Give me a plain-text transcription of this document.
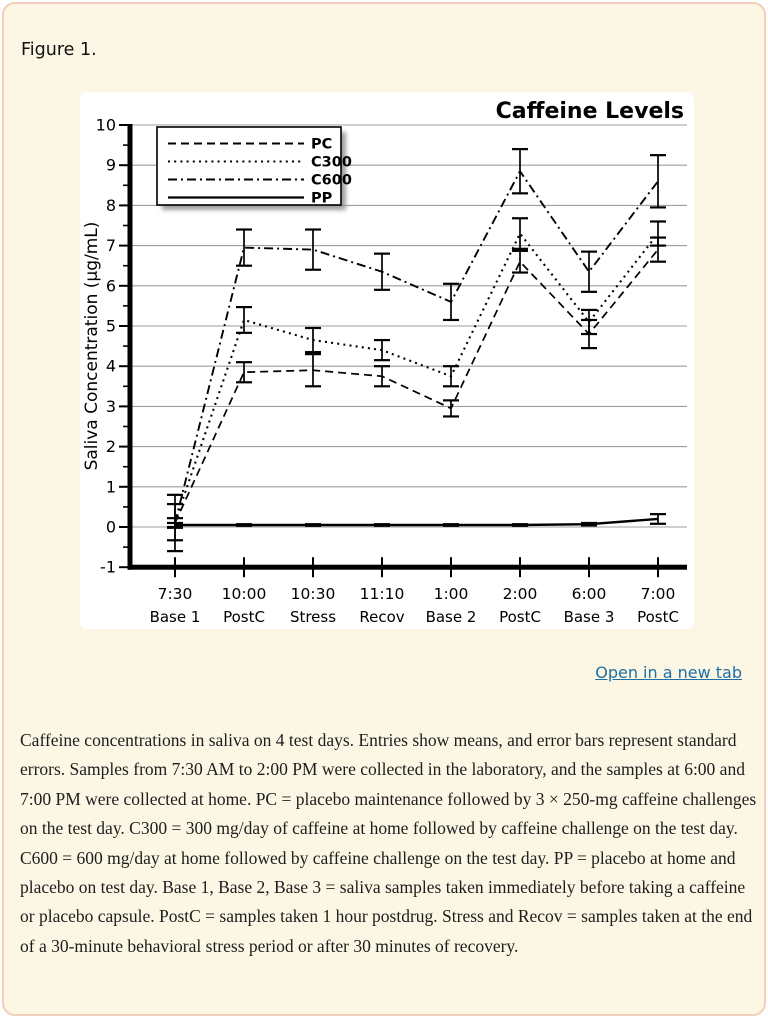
Figure 1.
Caffeine Levels
-1
0
1
2
3
4
5
6
7
8
9
10
7:30
Base 1
10:00
PostC
10:30
Stress
11:10
Recov
1:00
Base 2
2:00
PostC
6:00
Base 3
7:00
PostC
Saliva Concentration (µg/mL)
PC
C300
C600
PP
Open in a new tab
Caffeine concentrations in saliva on 4 test days. Entries show means, and error bars represent standard errors. Samples from 7:30 AM to 2:00 PM were collected in the laboratory, and the samples at 6:00 and 7:00 PM were collected at home. PC = placebo maintenance followed by 3 × 250-mg caffeine challenges on the test day. C300 = 300 mg/day of caffeine at home followed by caffeine challenge on the test day. C600 = 600 mg/day at home followed by caffeine challenge on the test day. PP = placebo at home and placebo on test day. Base 1, Base 2, Base 3 = saliva samples taken immediately before taking a caffeine or placebo capsule. PostC = samples taken 1 hour postdrug. Stress and Recov = samples taken at the end of a 30-minute behavioral stress period or after 30 minutes of recovery.
